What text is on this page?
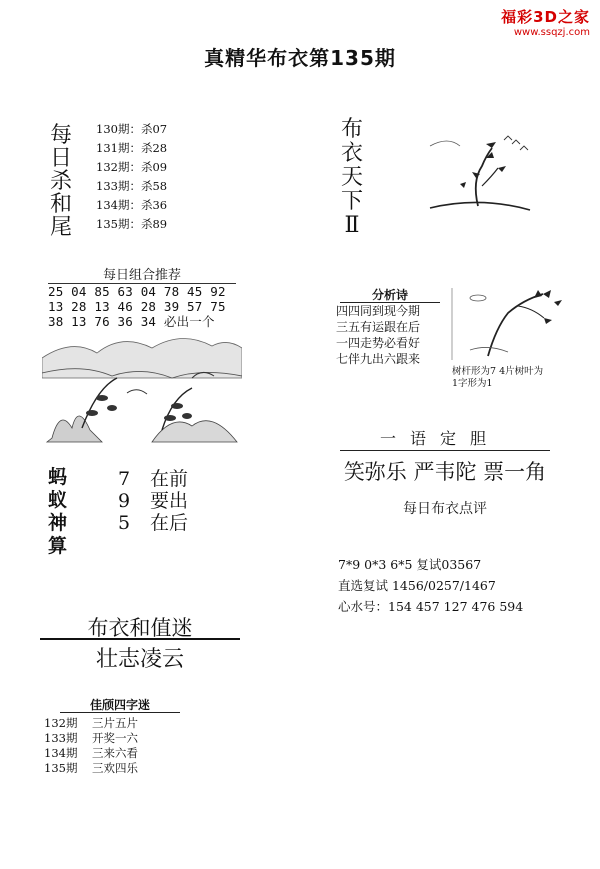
福彩3D之家
www.ssqzj.com
真精华布衣第135期
每
日
杀
和
尾
130期：杀07
131期：杀28
132期：杀09
133期：杀58
134期：杀36
135期：杀89
每日组合推荐
25 04 85 63 04 78 45 92
13 28 13 46 28 39 57 75
38 13 76 36 34 必出一个
蚂
蚁
神
算
7 在前
9 要出
5 在后
布衣和值迷
壮志凌云
佳颀四字迷
132期 三片五片
133期 开奖一六
134期 三来六看
135期 三欢四乐
布
衣
天
下
Ⅱ
分析诗
四四同到现今期
三五有运跟在后
一四走势必看好
七伴九出六跟来
树杆形为7 4片树叶为
1字形为1
一语定胆
笑弥乐 严韦陀 票一角
每日布衣点评
7*9 0*3 6*5 复试03567
直选复试 1456/0257/1467
心水号：154 457 127 476 594
